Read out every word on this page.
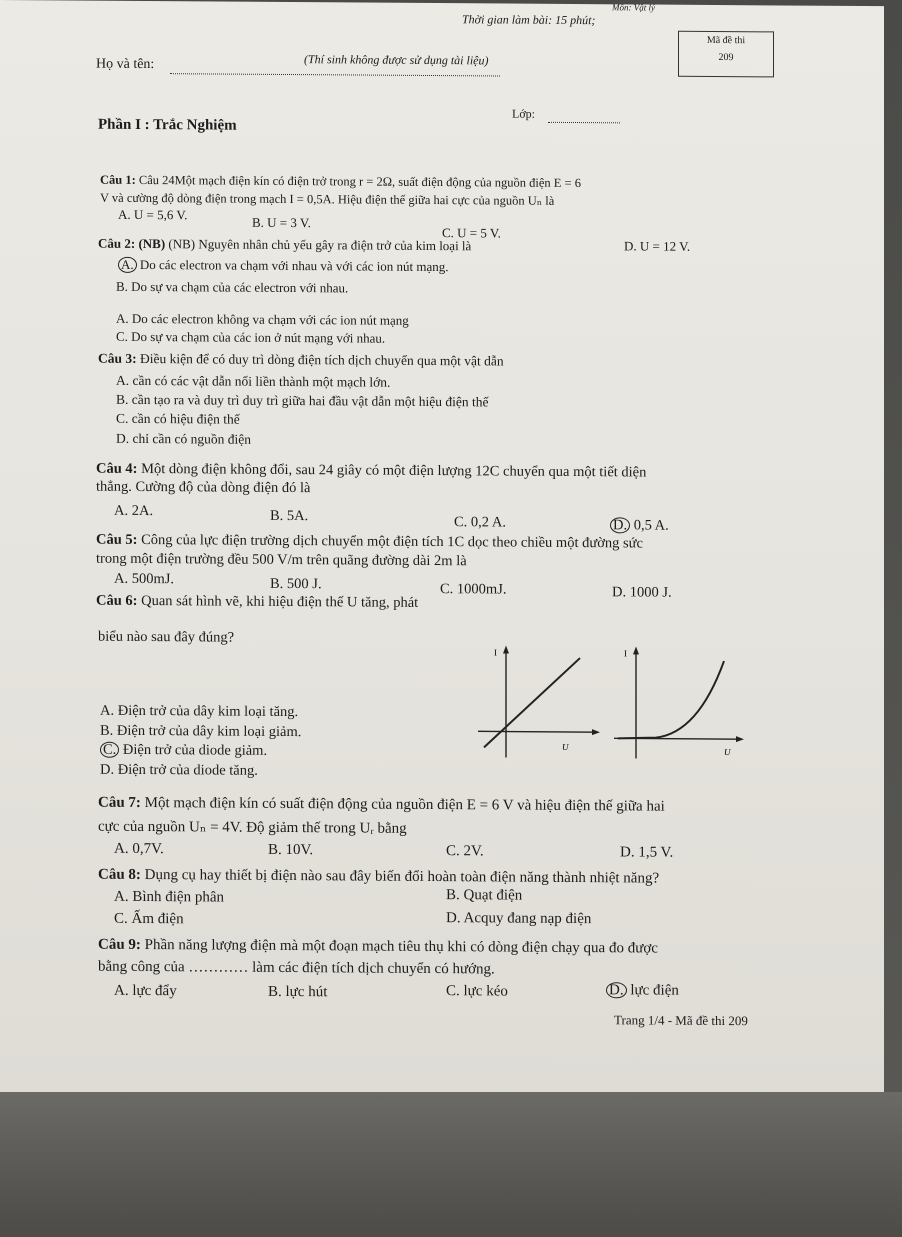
Môn: Vật lý
Thời gian làm bài: 15 phút;
(Thí sinh không được sử dụng tài liệu)
Mã đề thi
209
Họ và tên:
Lớp:
Phần I : Trắc Nghiệm
Câu 1: Câu 24Một mạch điện kín có điện trở trong r = 2Ω, suất điện động của nguồn điện E = 6
V và cường độ dòng điện trong mạch I = 0,5A. Hiệu điện thế giữa hai cực của nguồn Uₙ là
A. U = 5,6 V.
B. U = 3 V.
C. U = 5 V.
D. U = 12 V.
Câu 2: (NB) (NB) Nguyên nhân chủ yếu gây ra điện trở của kim loại là
A. Do các electron va chạm với nhau và với các ion nút mạng.
B. Do sự va chạm của các electron với nhau.
A. Do các electron không va chạm với các ion nút mạng
C. Do sự va chạm của các ion ở nút mạng với nhau.
Câu 3: Điều kiện để có duy trì dòng điện tích dịch chuyển qua một vật dẫn
A. cần có các vật dẫn nối liền thành một mạch lớn.
B. cần tạo ra và duy trì duy trì giữa hai đầu vật dẫn một hiệu điện thế
C. cần có hiệu điện thế
D. chỉ cần có nguồn điện
Câu 4: Một dòng điện không đổi, sau 24 giây có một điện lượng 12C chuyển qua một tiết diện
thẳng. Cường độ của dòng điện đó là
A. 2A.	B. 5A.	C. 0,2 A.	D. 0,5 A.
Câu 5: Công của lực điện trường dịch chuyển một điện tích 1C dọc theo chiều một đường sức
trong một điện trường đều 500 V/m trên quãng đường dài 2m là
A. 500mJ.	B. 500 J.	C. 1000mJ.	D. 1000 J.
Câu 6: Quan sát hình vẽ, khi hiệu điện thế U tăng, phát
biểu nào sau đây đúng?
A. Điện trở của dây kim loại tăng.
B. Điện trở của dây kim loại giảm.
C. Điện trở của diode giảm.
D. Điện trở của diode tăng.
I
U
I
U
Câu 7: Một mạch điện kín có suất điện động của nguồn điện E = 6 V và hiệu điện thế giữa hai
cực của nguồn Uₙ = 4V. Độ giảm thế trong Uᵣ bằng
A. 0,7V.	B. 10V.	C. 2V.	D. 1,5 V.
Câu 8: Dụng cụ hay thiết bị điện nào sau đây biến đổi hoàn toàn điện năng thành nhiệt năng?
A. Bình điện phân	B. Quạt điện
C. Ấm điện	D. Acquy đang nạp điện
Câu 9: Phần năng lượng điện mà một đoạn mạch tiêu thụ khi có dòng điện chạy qua đo được
bằng công của ………… làm các điện tích dịch chuyển có hướng.
A. lực đẩy	B. lực hút	C. lực kéo	D. lực điện
Trang 1/4 - Mã đề thi 209
